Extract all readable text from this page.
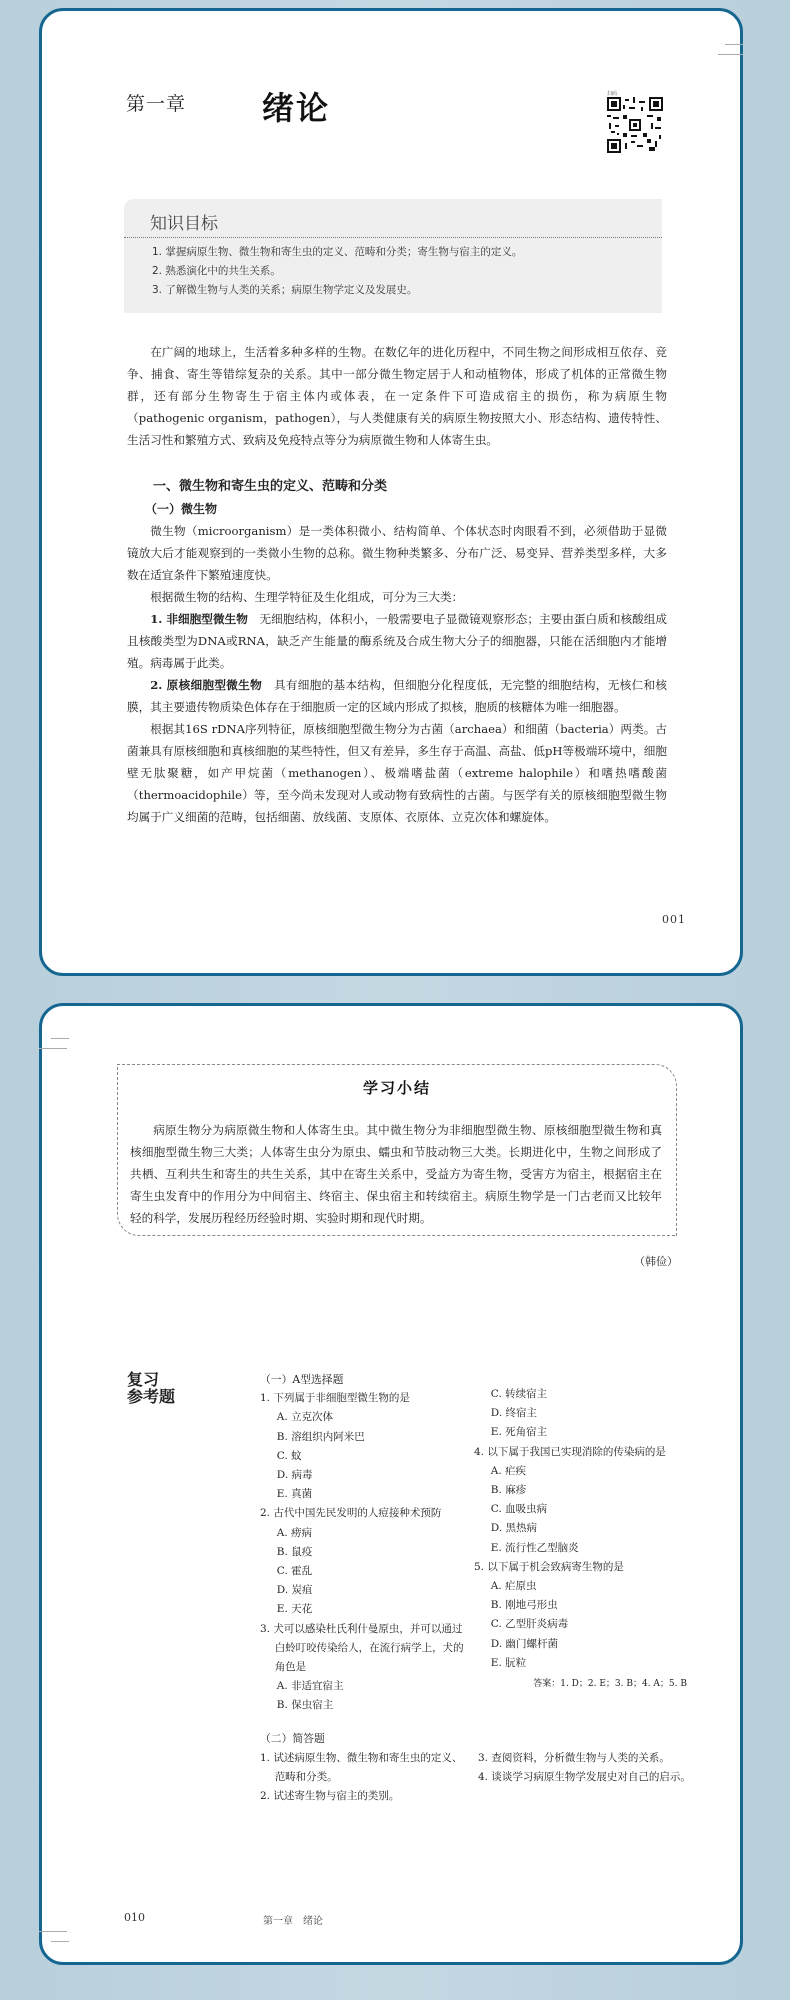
第一章 绪论	扫码
知识目标
1. 掌握病原生物、微生物和寄生虫的定义、范畴和分类；寄生物与宿主的定义。
2. 熟悉演化中的共生关系。
3. 了解微生物与人类的关系；病原生物学定义及发展史。

在广阔的地球上，生活着多种多样的生物。在数亿年的进化历程中，不同生物之间形成相互依存、竞争、捕食、寄生等错综复杂的关系。其中一部分微生物定居于人和动植物体，形成了机体的正常微生物群，还有部分生物寄生于宿主体内或体表，在一定条件下可造成宿主的损伤，称为病原生物（pathogenic organism，pathogen），与人类健康有关的病原生物按照大小、形态结构、遗传特性、生活习性和繁殖方式、致病及免疫特点等分为病原微生物和人体寄生虫。

一、微生物和寄生虫的定义、范畴和分类
（一）微生物

微生物（microorganism）是一类体积微小、结构简单、个体状态时肉眼看不到，必须借助于显微镜放大后才能观察到的一类微小生物的总称。微生物种类繁多、分布广泛、易变异、营养类型多样，大多数在适宜条件下繁殖速度快。

根据微生物的结构、生理学特征及生化组成，可分为三大类：

1. 非细胞型微生物　无细胞结构，体积小，一般需要电子显微镜观察形态；主要由蛋白质和核酸组成且核酸类型为DNA或RNA，缺乏产生能量的酶系统及合成生物大分子的细胞器，只能在活细胞内才能增殖。病毒属于此类。

2. 原核细胞型微生物　具有细胞的基本结构，但细胞分化程度低，无完整的细胞结构，无核仁和核膜，其主要遗传物质染色体存在于细胞质一定的区域内形成了拟核，胞质的核糖体为唯一细胞器。

根据其16S rDNA序列特征，原核细胞型微生物分为古菌（archaea）和细菌（bacteria）两类。古菌兼具有原核细胞和真核细胞的某些特性，但又有差异，多生存于高温、高盐、低pH等极端环境中，细胞壁无肽聚糖，如产甲烷菌（methanogen）、极端嗜盐菌（extreme halophile）和嗜热嗜酸菌（thermoacidophile）等，至今尚未发现对人或动物有致病性的古菌。与医学有关的原核细胞型微生物均属于广义细菌的范畴，包括细菌、放线菌、支原体、衣原体、立克次体和螺旋体。

001
学习小结

病原生物分为病原微生物和人体寄生虫。其中微生物分为非细胞型微生物、原核细胞型微生物和真核细胞型微生物三大类；人体寄生虫分为原虫、蠕虫和节肢动物三大类。长期进化中，生物之间形成了共栖、互利共生和寄生的共生关系，其中在寄生关系中，受益方为寄生物，受害方为宿主，根据宿主在寄生虫发育中的作用分为中间宿主、终宿主、保虫宿主和转续宿主。病原生物学是一门古老而又比较年轻的科学，发展历程经历经验时期、实验时期和现代时期。

（韩俭）
复习
参考题
（一）A型选择题
1. 下列属于非细胞型微生物的是
A. 立克次体
B. 溶组织内阿米巴
C. 蚊
D. 病毒
E. 真菌
2. 古代中国先民发明的人痘接种术预防
A. 痨病
B. 鼠疫
C. 霍乱
D. 炭疽
E. 天花
3. 犬可以感染杜氏利什曼原虫，并可以通过白蛉叮咬传染给人，在流行病学上，犬的角色是
A. 非适宜宿主
B. 保虫宿主
C. 转续宿主
D. 终宿主
E. 死角宿主
4. 以下属于我国已实现消除的传染病的是
A. 疟疾
B. 麻疹
C. 血吸虫病
D. 黑热病
E. 流行性乙型脑炎
5. 以下属于机会致病寄生物的是
A. 疟原虫
B. 刚地弓形虫
C. 乙型肝炎病毒
D. 幽门螺杆菌
E. 朊粒
答案：1. D；2. E；3. B；4. A；5. B
（二）简答题
1. 试述病原生物、微生物和寄生虫的定义、范畴和分类。
2. 试述寄生物与宿主的类别。
3. 查阅资料，分析微生物与人类的关系。
4. 谈谈学习病原生物学发展史对自己的启示。
010	第一章　绪论
